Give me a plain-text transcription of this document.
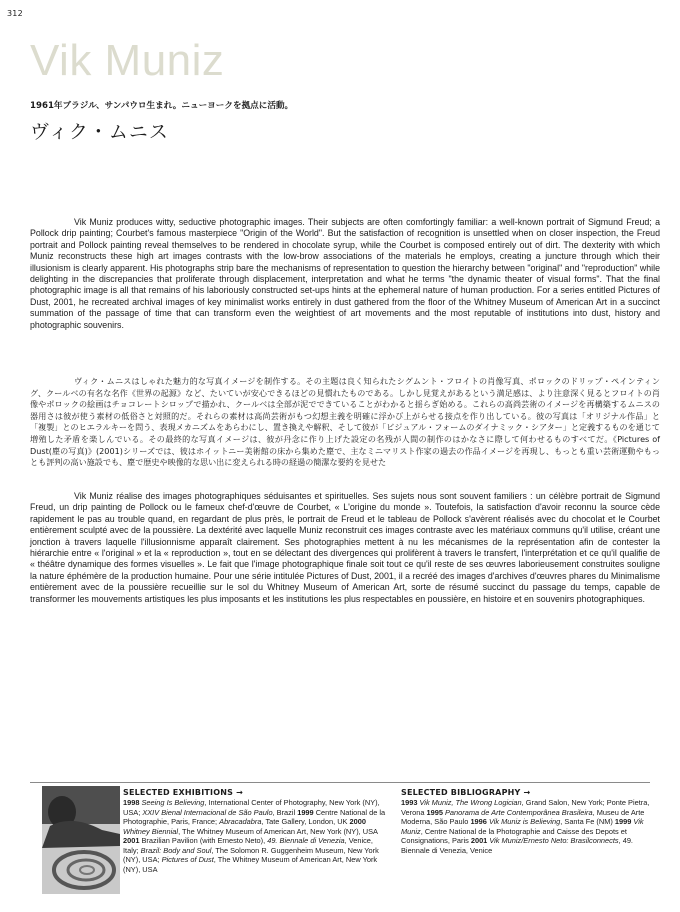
312
Vik Muniz
1961年ブラジル、サンパウロ生まれ。ニューヨークを拠点に活動。
ヴィク・ムニス

Vik Muniz produces witty, seductive photographic images. Their subjects are often comfortingly familiar: a well-known portrait of Sigmund Freud; a Pollock drip painting; Courbet's famous masterpiece "Origin of the World". But the satisfaction of recognition is unsettled when on closer inspection, the Freud portrait and Pollock painting reveal themselves to be rendered in chocolate syrup, while the Courbet is composed entirely out of dirt. The dexterity with which Muniz reconstructs these high art images contrasts with the low-brow associations of the materials he employs, creating a juncture through which their illusionism is clearly apparent. His photographs strip bare the mechanisms of representation to question the hierarchy between "original" and "reproduction" while delighting in the discrepancies that proliferate through displacement, interpretation and what he terms "the dynamic theater of visual forms". That the final photographic image is all that remains of his laboriously constructed set-ups hints at the ephemeral nature of human production. For a series entitled Pictures of Dust, 2001, he recreated archival images of key minimalist works entirely in dust gathered from the floor of the Whitney Museum of American Art in a succinct summation of the passage of time that can transform even the weightiest of art movements and the most reputable of institutions into dust, history and photographic souvenirs.

ヴィク・ムニスはしゃれた魅力的な写真イメージを制作する。その主題は良く知られたシグムント・フロイトの肖像写真、ポロックのドリップ・ペインティング、クールベの有名な名作《世界の起源》など、たいていが安心できるほどの見慣れたものである。しかし見覚えがあるという満足感は、より注意深く見るとフロイトの肖像やポロックの絵画はチョコレートシロップで描かれ、クールベは全部が泥でできていることがわかると揺らぎ始める。これらの高尚芸術のイメージを再構築するムニスの器用さは彼が使う素材の低俗さと対照的だ。それらの素材は高尚芸術がもつ幻想主義を明確に浮かび上がらせる接点を作り出している。彼の写真は「オリジナル作品」と「複製」とのヒエラルキーを問う、表現メカニズムをあらわにし、置き換えや解釈、そして彼が「ビジュアル・フォームのダイナミック・シアター」と定義するものを通じて増殖した矛盾を楽しんでいる。その最終的な写真イメージは、彼が丹念に作り上げた設定の名残が人間の制作のはかなさに際して何わせるものすべてだ。《Pictures of Dust(塵の写真)》(2001)シリーズでは、彼はホイットニー美術館の床から集めた塵で、主なミニマリスト作家の過去の作品イメージを再現し、もっとも重い芸術運動やもっとも評判の高い施設でも、塵で歴史や映像的な思い出に変えられる時の経過の簡潔な要約を見せた

Vik Muniz réalise des images photographiques séduisantes et spirituelles. Ses sujets nous sont souvent familiers : un célèbre portrait de Sigmund Freud, un drip painting de Pollock ou le fameux chef-d'œuvre de Courbet, « L'origine du monde ». Toutefois, la satisfaction d'avoir reconnu la source cède rapidement le pas au trouble quand, en regardant de plus près, le portrait de Freud et le tableau de Pollock s'avèrent réalisés avec du chocolat et le Courbet entièrement sculpté avec de la poussière. La dextérité avec laquelle Muniz reconstruit ces images contraste avec les matériaux communs qu'il utilise, créant une jonction à travers laquelle l'illusionnisme apparaît clairement. Ses photographies mettent à nu les mécanismes de la représentation afin de contester la hiérarchie entre « l'original » et la « reproduction », tout en se délectant des divergences qui prolifèrent à travers le transfert, l'interprétation et ce qu'il qualifie de « théâtre dynamique des formes visuelles ». Le fait que l'image photographique finale soit tout ce qu'il reste de ses œuvres laborieusement construites souligne la nature éphémère de la production humaine. Pour une série intitulée Pictures of Dust, 2001, il a recréé des images d'archives d'œuvres phares du Minimalisme entièrement avec de la poussière recueillie sur le sol du Whitney Museum of American Art, sorte de résumé succinct du passage du temps, capable de transformer les mouvements artistiques les plus imposants et les institutions les plus respectables en poussière, en histoire et en souvenirs photographiques.

SELECTED EXHIBITIONS →

1998 Seeing Is Believing, International Center of Photography, New York (NY), USA; XXIV Bienal Internacional de São Paulo, Brazil 1999 Centre National de la Photographie, Paris, France; Abracadabra, Tate Gallery, London, UK 2000 Whitney Biennial, The Whitney Museum of American Art, New York (NY), USA 2001 Brazilian Pavilion (with Ernesto Neto), 49. Biennale di Venezia, Venice, Italy; Brazil: Body and Soul, The Solomon R. Guggenheim Museum, New York (NY), USA; Pictures of Dust, The Whitney Museum of American Art, New York (NY), USA

SELECTED BIBLIOGRAPHY →

1993 Vik Muniz, The Wrong Logician, Grand Salon, New York; Ponte Pietra, Verona 1995 Panorama de Arte Contemporânea Brasileira, Museu de Arte Moderna, São Paulo 1996 Vik Muniz is Believing, Santa Fe (NM) 1999 Vik Muniz, Centre National de la Photographie and Caisse des Depots et Consignations, Paris 2001 Vik Muniz/Ernesto Neto: Brasilconnects, 49. Biennale di Venezia, Venice
